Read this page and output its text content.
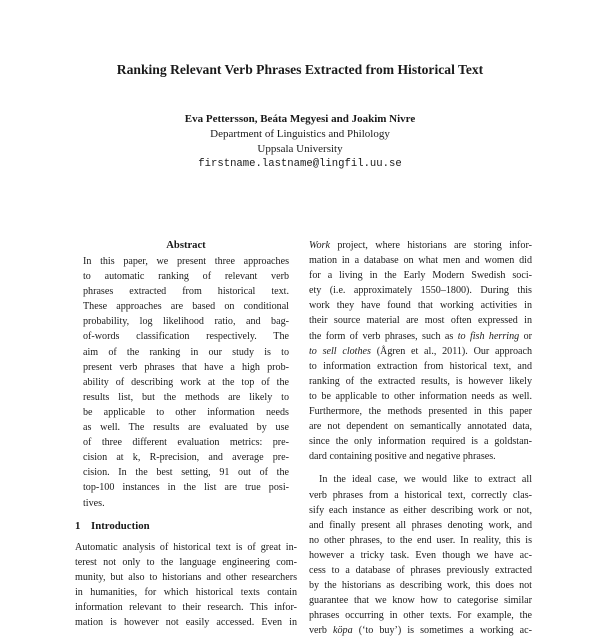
Ranking Relevant Verb Phrases Extracted from Historical Text
Eva Pettersson, Beáta Megyesi and Joakim Nivre
Department of Linguistics and Philology
Uppsala University
firstname.lastname@lingfil.uu.se
Abstract
In this paper, we present three approaches
to automatic ranking of relevant verb
phrases extracted from historical text.
These approaches are based on conditional
probability, log likelihood ratio, and bag-
of-words classification respectively. The
aim of the ranking in our study is to
present verb phrases that have a high prob-
ability of describing work at the top of the
results list, but the methods are likely to
be applicable to other information needs
as well. The results are evaluated by use
of three different evaluation metrics: pre-
cision at k, R-precision, and average pre-
cision. In the best setting, 91 out of the
top-100 instances in the list are true posi-
tives.
1 Introduction
Automatic analysis of historical text is of great in-
terest not only to the language engineering com-
munity, but also to historians and other researchers
in humanities, for which historical texts contain
information relevant to their research. This infor-
mation is however not easily accessed. Even in
Work project, where historians are storing infor-
mation in a database on what men and women did
for a living in the Early Modern Swedish soci-
ety (i.e. approximately 1550–1800). During this
work they have found that working activities in
their source material are most often expressed in
the form of verb phrases, such as to fish herring or
to sell clothes (Ågren et al., 2011). Our approach
to information extraction from historical text, and
ranking of the extracted results, is however likely
to be applicable to other information needs as well.
Furthermore, the methods presented in this paper
are not dependent on semantically annotated data,
since the only information required is a goldstan-
dard containing positive and negative phrases.
In the ideal case, we would like to extract all
verb phrases from a historical text, correctly clas-
sify each instance as either describing work or not,
and finally present all phrases denoting work, and
no other phrases, to the end user. In reality, this is
however a tricky task. Even though we have ac-
cess to a database of phrases previously extracted
by the historians as describing work, this does not
guarantee that we know how to categorise similar
phrases occurring in other texts. For example, the
verb köpa (‘to buy’) is sometimes a working ac-
